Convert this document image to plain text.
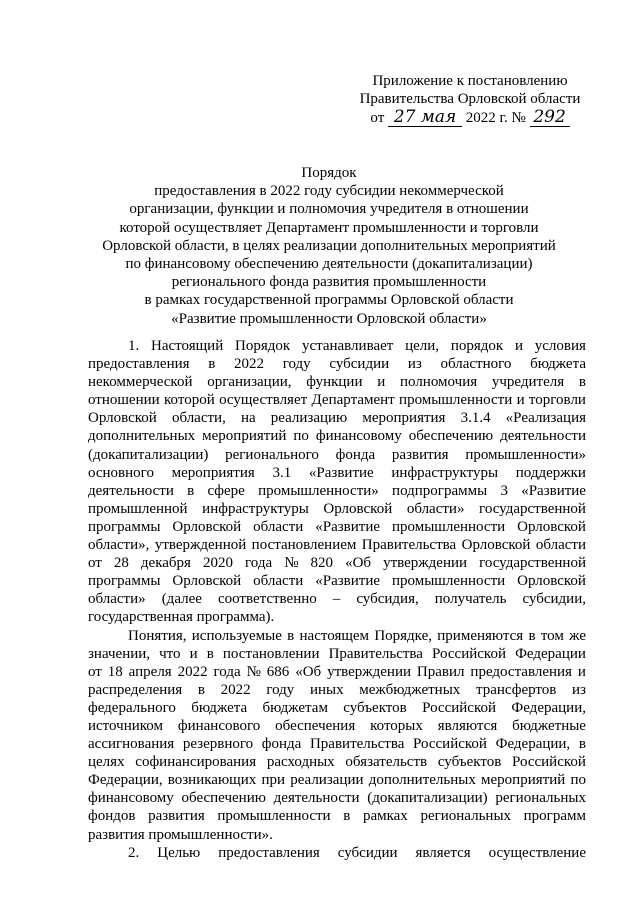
Приложение к постановлению
Правительства Орловской области
от 27 мая 2022 г. № 292
Порядок
предоставления в 2022 году субсидии некоммерческой
организации, функции и полномочия учредителя в отношении
которой осуществляет Департамент промышленности и торговли
Орловской области, в целях реализации дополнительных мероприятий
по финансовому обеспечению деятельности (докапитализации)
регионального фонда развития промышленности
в рамках государственной программы Орловской области
«Развитие промышленности Орловской области»
1. Настоящий Порядок устанавливает цели, порядок и условия
предоставления в 2022 году субсидии из областного бюджета
некоммерческой организации, функции и полномочия учредителя в
отношении которой осуществляет Департамент промышленности и торговли
Орловской области, на реализацию мероприятия 3.1.4 «Реализация
дополнительных мероприятий по финансовому обеспечению деятельности
(докапитализации) регионального фонда развития промышленности»
основного мероприятия 3.1 «Развитие инфраструктуры поддержки
деятельности в сфере промышленности» подпрограммы 3 «Развитие
промышленной инфраструктуры Орловской области» государственной
программы Орловской области «Развитие промышленности Орловской
области», утвержденной постановлением Правительства Орловской области
от 28 декабря 2020 года № 820 «Об утверждении государственной
программы Орловской области «Развитие промышленности Орловской
области» (далее соответственно – субсидия, получатель субсидии,
государственная программа).
Понятия, используемые в настоящем Порядке, применяются в том же
значении, что и в постановлении Правительства Российской Федерации
от 18 апреля 2022 года № 686 «Об утверждении Правил предоставления и
распределения в 2022 году иных межбюджетных трансфертов из
федерального бюджета бюджетам субъектов Российской Федерации,
источником финансового обеспечения которых являются бюджетные
ассигнования резервного фонда Правительства Российской Федерации, в
целях софинансирования расходных обязательств субъектов Российской
Федерации, возникающих при реализации дополнительных мероприятий по
финансовому обеспечению деятельности (докапитализации) региональных
фондов развития промышленности в рамках региональных программ
развития промышленности».
2. Целью предоставления субсидии является осуществление
